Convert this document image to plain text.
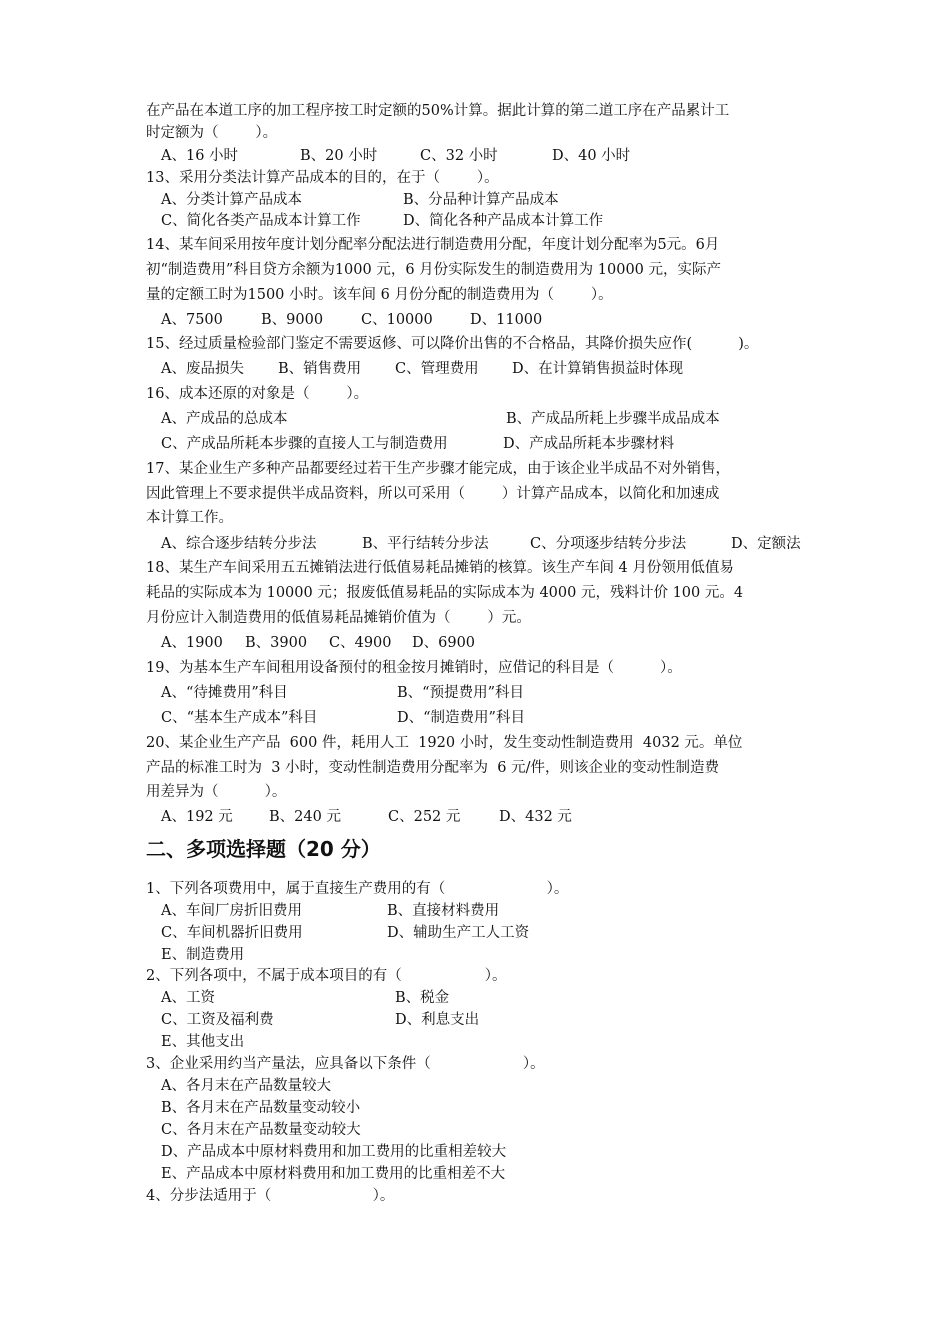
在产品在本道工序的加工程序按工时定额的50%计算。据此计算的第二道工序在产品累计工
时定额为（        ）。
A、16 小时	B、20 小时	C、32 小时	D、40 小时
13、采用分类法计算产品成本的目的，在于（        ）。
A、分类计算产品成本	B、分品种计算产品成本
C、简化各类产品成本计算工作	D、简化各种产品成本计算工作
14、某车间采用按年度计划分配率分配法进行制造费用分配，年度计划分配率为5元。6月
初“制造费用”科目贷方余额为1000 元，6 月份实际发生的制造费用为 10000 元，实际产
量的定额工时为1500 小时。该车间 6 月份分配的制造费用为（        ）。
A、7500	B、9000	C、10000	D、11000
15、经过质量检验部门鉴定不需要返修、可以降价出售的不合格品，其降价损失应作(          )。
A、废品损失 B、销售费用 C、管理费用 D、在计算销售损益时体现
16、成本还原的对象是（        ）。
A、产成品的总成本	B、产成品所耗上步骤半成品成本
C、产成品所耗本步骤的直接人工与制造费用	D、产成品所耗本步骤材料
17、某企业生产多种产品都要经过若干生产步骤才能完成，由于该企业半成品不对外销售，
因此管理上不要求提供半成品资料，所以可采用（        ）计算产品成本，以简化和加速成
本计算工作。
A、综合逐步结转分步法	B、平行结转分步法	C、分项逐步结转分步法	D、定额法
18、某生产车间采用五五摊销法进行低值易耗品摊销的核算。该生产车间 4 月份领用低值易
耗品的实际成本为 10000 元；报废低值易耗品的实际成本为 4000 元，残料计价 100 元。4
月份应计入制造费用的低值易耗品摊销价值为（        ）元。
A、1900 B、3900 C、4900 D、6900
19、为基本生产车间租用设备预付的租金按月摊销时，应借记的科目是（          ）。
A、“待摊费用”科目	B、“预提费用”科目
C、“基本生产成本”科目	D、“制造费用”科目
20、某企业生产产品  600 件，耗用人工  1920 小时，发生变动性制造费用  4032 元。单位
产品的标准工时为  3 小时，变动性制造费用分配率为  6 元/件，则该企业的变动性制造费
用差异为（          ）。
A、192 元 B、240 元	C、252 元	D、432 元
二、多项选择题（20 分）
1、下列各项费用中，属于直接生产费用的有（                      ）。
A、车间厂房折旧费用	B、直接材料费用
C、车间机器折旧费用	D、辅助生产工人工资
E、制造费用
2、下列各项中，不属于成本项目的有（                  ）。
A、工资	B、税金
C、工资及福利费	D、利息支出
E、其他支出
3、企业采用约当产量法，应具备以下条件（                    ）。
A、各月末在产品数量较大
B、各月末在产品数量变动较小
C、各月末在产品数量变动较大
D、产品成本中原材料费用和加工费用的比重相差较大
E、产品成本中原材料费用和加工费用的比重相差不大
4、分步法适用于（                      ）。
